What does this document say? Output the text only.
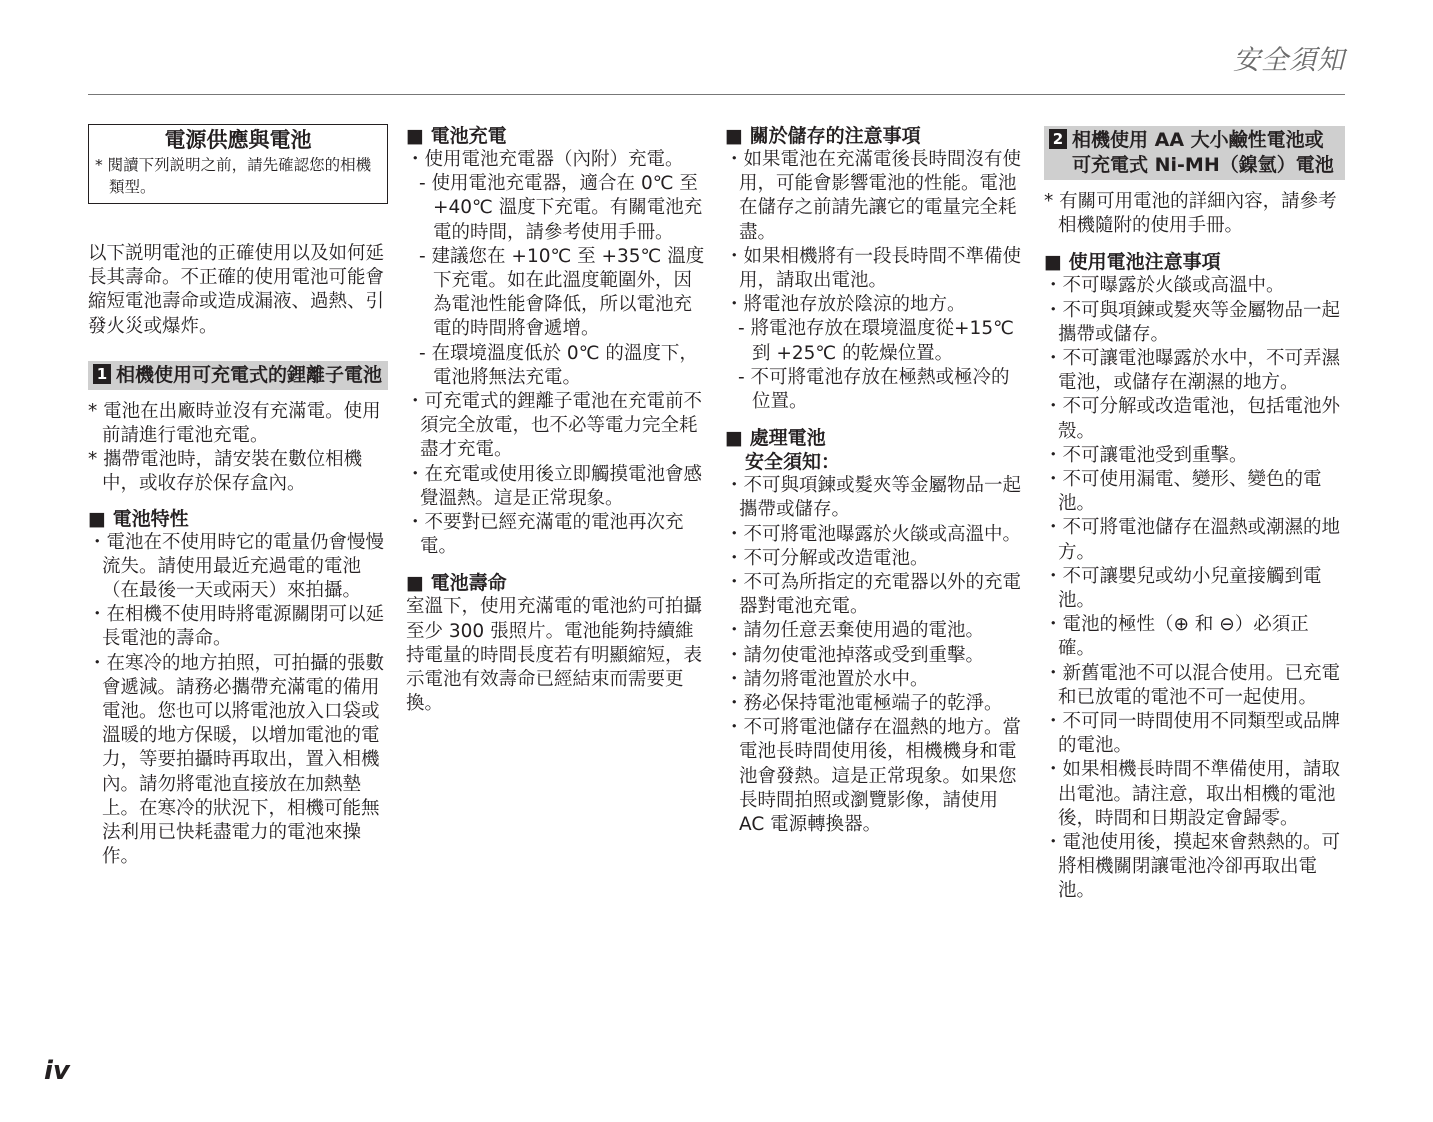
安全須知
電源供應與電池
* 閱讀下列説明之前，請先確認您的相機類型。
以下説明電池的正確使用以及如何延長其壽命。不正確的使用電池可能會縮短電池壽命或造成漏液、過熱、引發火災或爆炸。
1 相機使用可充電式的鋰離子電池
* 電池在出廠時並沒有充滿電。使用前請進行電池充電。
* 攜帶電池時，請安裝在數位相機中，或收存於保存盒內。
■ 電池特性
・電池在不使用時它的電量仍會慢慢流失。請使用最近充過電的電池（在最後一天或兩天）來拍攝。
・在相機不使用時將電源關閉可以延長電池的壽命。
・在寒冷的地方拍照，可拍攝的張數會遞減。請務必攜帶充滿電的備用電池。您也可以將電池放入口袋或溫暖的地方保暖，以增加電池的電力，等要拍攝時再取出，置入相機內。請勿將電池直接放在加熱墊上。在寒冷的狀況下，相機可能無法利用已快耗盡電力的電池來操作。
■ 電池充電
・使用電池充電器（內附）充電。
- 使用電池充電器，適合在 0℃ 至 +40℃ 溫度下充電。有關電池充電的時間，請參考使用手冊。
- 建議您在 +10℃ 至 +35℃ 溫度下充電。如在此溫度範圍外，因為電池性能會降低，所以電池充電的時間將會遞增。
- 在環境溫度低於 0℃ 的溫度下，電池將無法充電。
・可充電式的鋰離子電池在充電前不須完全放電，也不必等電力完全耗盡才充電。
・在充電或使用後立即觸摸電池會感覺溫熱。這是正常現象。
・不要對已經充滿電的電池再次充電。
■ 電池壽命
室溫下，使用充滿電的電池約可拍攝至少 300 張照片。電池能夠持續維持電量的時間長度若有明顯縮短，表示電池有效壽命已經結束而需要更換。
■ 關於儲存的注意事項
・如果電池在充滿電後長時間沒有使用，可能會影響電池的性能。電池在儲存之前請先讓它的電量完全耗盡。
・如果相機將有一段長時間不準備使用，請取出電池。
・將電池存放於陰涼的地方。
- 將電池存放在環境溫度從+15℃ 到 +25℃ 的乾燥位置。
- 不可將電池存放在極熱或極冷的位置。
■ 處理電池
安全須知：
・不可與項鍊或髮夾等金屬物品一起攜帶或儲存。
・不可將電池曝露於火燄或高溫中。
・不可分解或改造電池。
・不可為所指定的充電器以外的充電器對電池充電。
・請勿任意丟棄使用過的電池。
・請勿使電池掉落或受到重擊。
・請勿將電池置於水中。
・務必保持電池電極端子的乾淨。
・不可將電池儲存在溫熱的地方。當電池長時間使用後，相機機身和電池會發熱。這是正常現象。如果您長時間拍照或瀏覽影像，請使用 AC 電源轉換器。
2 相機使用 AA 大小鹼性電池或可充電式 Ni-MH（鎳氫）電池
* 有關可用電池的詳細內容，請參考相機隨附的使用手冊。
■ 使用電池注意事項
・不可曝露於火燄或高溫中。
・不可與項鍊或髮夾等金屬物品一起攜帶或儲存。
・不可讓電池曝露於水中，不可弄濕電池，或儲存在潮濕的地方。
・不可分解或改造電池，包括電池外殼。
・不可讓電池受到重擊。
・不可使用漏電、變形、變色的電池。
・不可將電池儲存在溫熱或潮濕的地方。
・不可讓嬰兒或幼小兒童接觸到電池。
・電池的極性（⊕ 和 ⊖）必須正確。
・新舊電池不可以混合使用。已充電和已放電的電池不可一起使用。
・不可同一時間使用不同類型或品牌的電池。
・如果相機長時間不準備使用，請取出電池。請注意，取出相機的電池後，時間和日期設定會歸零。
・電池使用後，摸起來會熱熱的。可將相機關閉讓電池冷卻再取出電池。
iv
